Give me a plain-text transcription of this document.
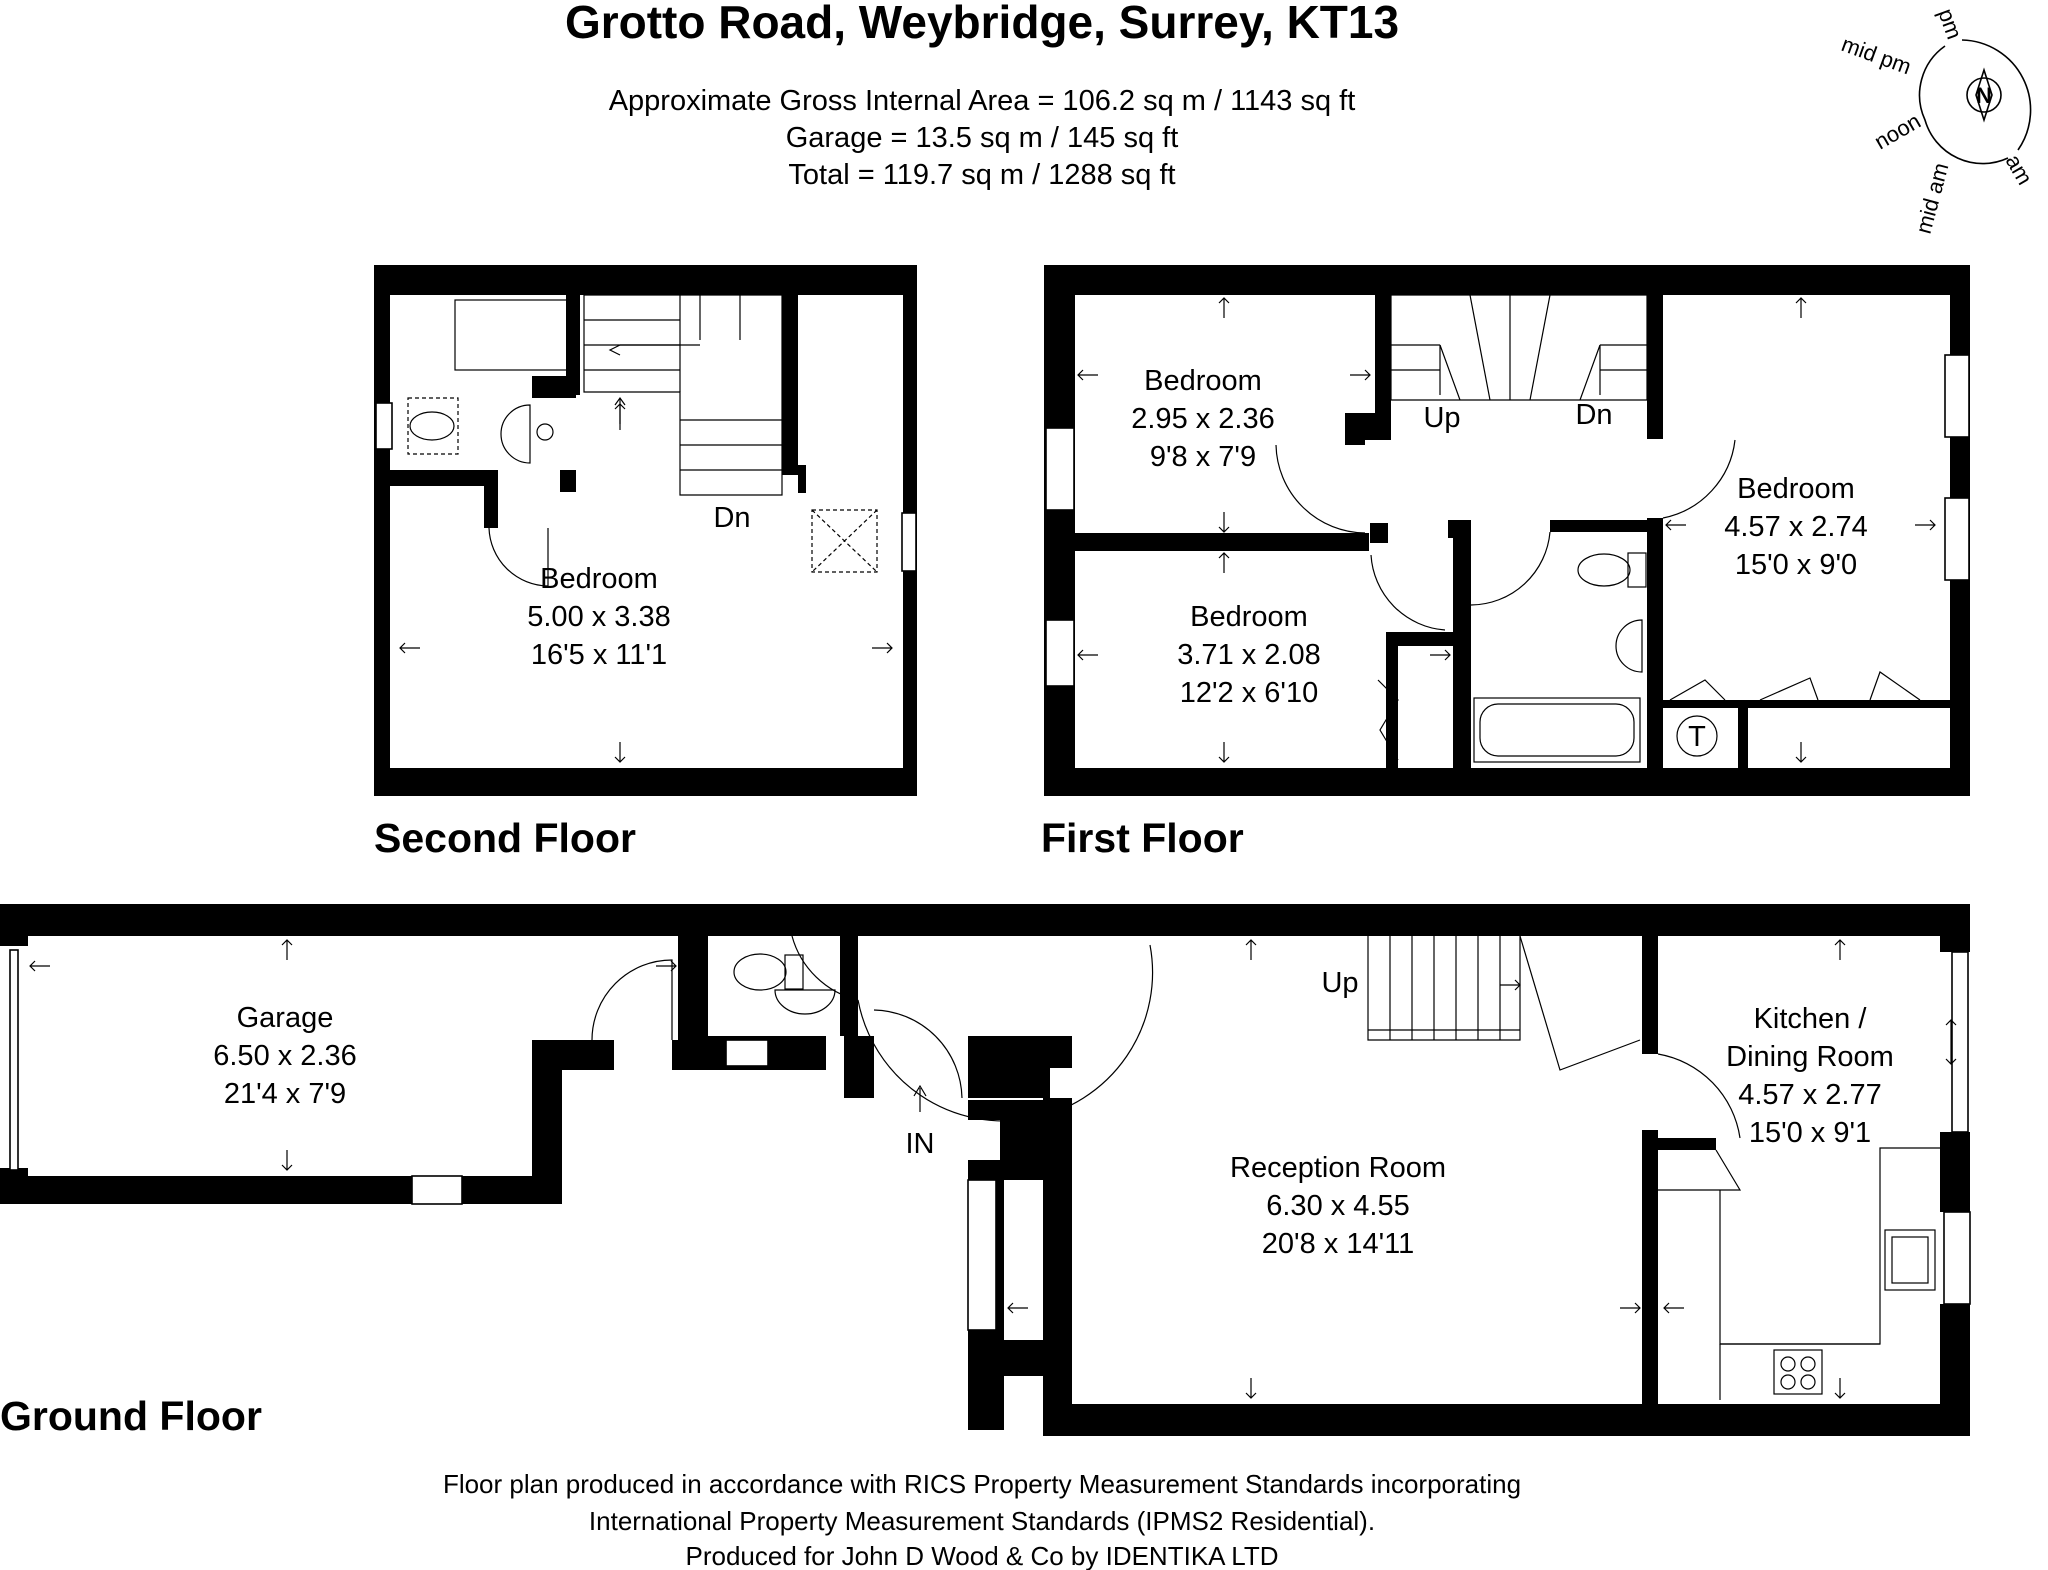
Grotto Road, Weybridge, Surrey, KT13
Approximate Gross Internal Area = 106.2 sq m / 1143 sq ft
Garage = 13.5 sq m / 145 sq ft
Total = 119.7 sq m / 1288 sq ft
N
pm
mid pm
noon
mid am am
Dn
Bedroom
5.00 x 3.38
16'5 x 11'1
Second Floor
T
Up	Dn
Bedroom
2.95 x 2.36
9'8 x 7'9
Bedroom
3.71 x 2.08
12'2 x 6'10
Bedroom
4.57 x 2.74
15'0 x 9'0
First Floor
Up
IN
Garage
6.50 x 2.36
21'4 x 7'9
Reception Room
6.30 x 4.55
20'8 x 14'11
Kitchen /
Dining Room
4.57 x 2.77
15'0 x 9'1
Ground Floor
Floor plan produced in accordance with RICS Property Measurement Standards incorporating
International Property Measurement Standards (IPMS2 Residential).
Produced for John D Wood & Co by IDENTIKA LTD
